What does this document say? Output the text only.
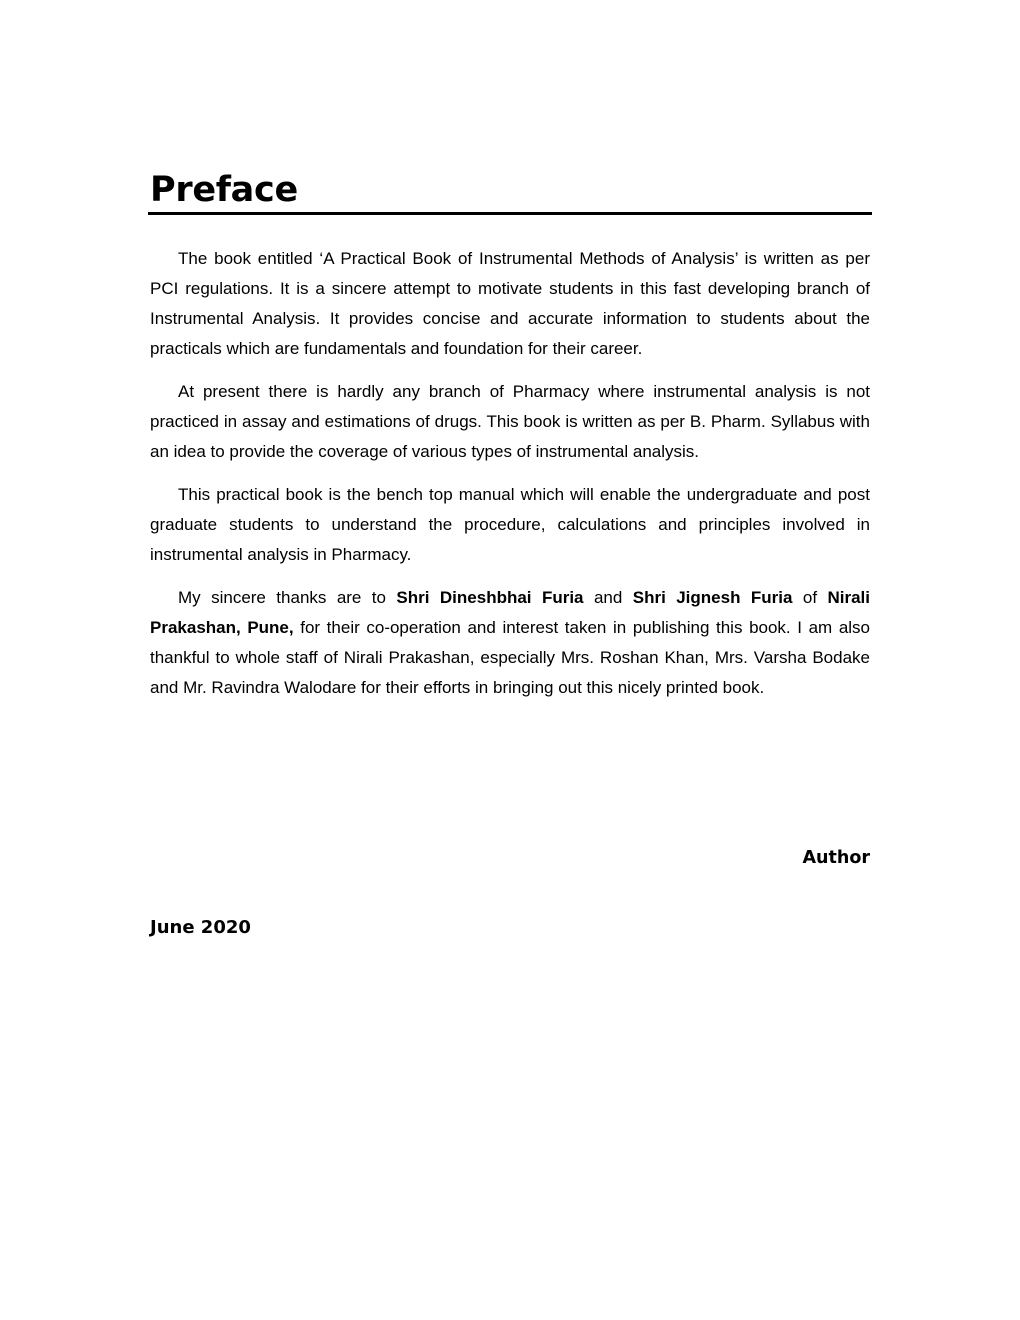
Preface

The book entitled ‘A Practical Book of Instrumental Methods of Analysis’ is written as per PCI regulations. It is a sincere attempt to motivate students in this fast developing branch of Instrumental Analysis. It provides concise and accurate information to students about the practicals which are fundamentals and foundation for their career.

At present there is hardly any branch of Pharmacy where instrumental analysis is not practiced in assay and estimations of drugs. This book is written as per B. Pharm. Syllabus with an idea to provide the coverage of various types of instrumental analysis.

This practical book is the bench top manual which will enable the undergraduate and post graduate students to understand the procedure, calculations and principles involved in instrumental analysis in Pharmacy.

My sincere thanks are to Shri Dineshbhai Furia and Shri Jignesh Furia of Nirali Prakashan, Pune, for their co-operation and interest taken in publishing this book. I am also thankful to whole staff of Nirali Prakashan, especially Mrs. Roshan Khan, Mrs. Varsha Bodake and Mr. Ravindra Walodare for their efforts in bringing out this nicely printed book.

Author
June 2020
